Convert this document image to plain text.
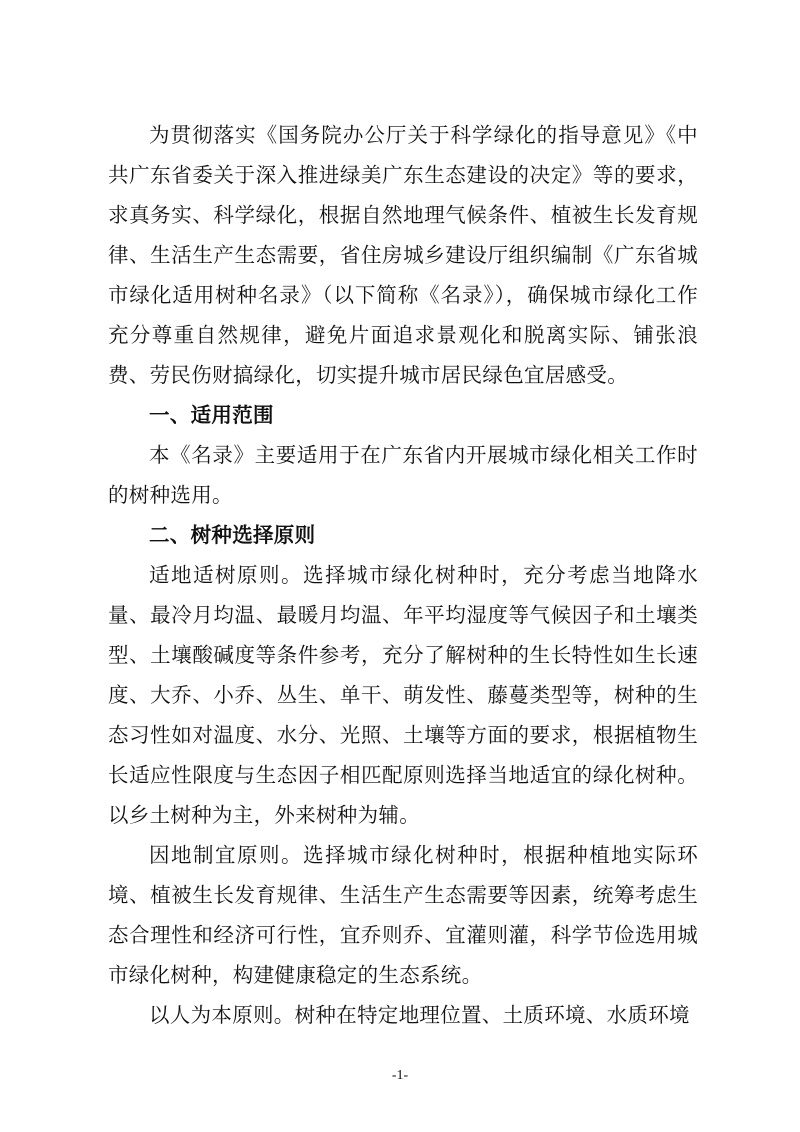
为贯彻落实《国务院办公厅关于科学绿化的指导意见》《中共广东省委关于深入推进绿美广东生态建设的决定》等的要求，求真务实、科学绿化，根据自然地理气候条件、植被生长发育规律、生活生产生态需要，省住房城乡建设厅组织编制《广东省城市绿化适用树种名录》（以下简称《名录》），确保城市绿化工作充分尊重自然规律，避免片面追求景观化和脱离实际、铺张浪费、劳民伤财搞绿化，切实提升城市居民绿色宜居感受。

一、适用范围

本《名录》主要适用于在广东省内开展城市绿化相关工作时的树种选用。

二、树种选择原则

适地适树原则。选择城市绿化树种时，充分考虑当地降水量、最冷月均温、最暖月均温、年平均湿度等气候因子和土壤类型、土壤酸碱度等条件参考，充分了解树种的生长特性如生长速度、大乔、小乔、丛生、单干、萌发性、藤蔓类型等，树种的生态习性如对温度、水分、光照、土壤等方面的要求，根据植物生长适应性限度与生态因子相匹配原则选择当地适宜的绿化树种。以乡土树种为主，外来树种为辅。

因地制宜原则。选择城市绿化树种时，根据种植地实际环境、植被生长发育规律、生活生产生态需要等因素，统筹考虑生态合理性和经济可行性，宜乔则乔、宜灌则灌，科学节俭选用城市绿化树种，构建健康稳定的生态系统。

以人为本原则。树种在特定地理位置、土质环境、水质环境

-1-
